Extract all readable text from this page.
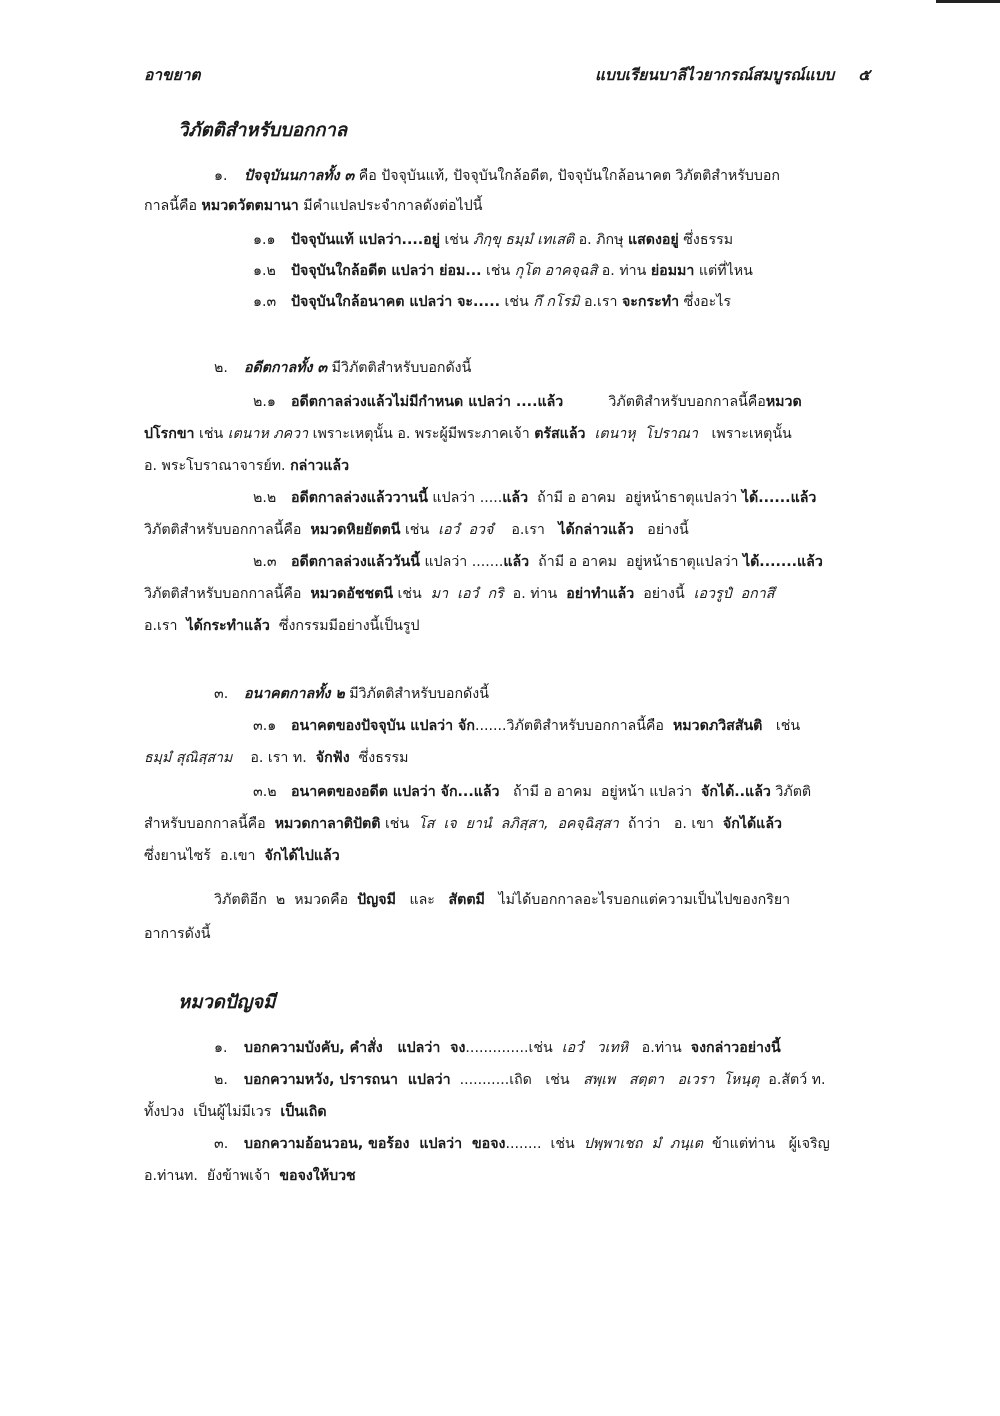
อาขยาต	แบบเรียนบาลีไวยากรณ์สมบูรณ์แบบ ๕
วิภัตติสำหรับบอกกาล
๑. ปัจจุบันนกาลทั้ง ๓ คือ ปัจจุบันแท้, ปัจจุบันใกล้อดีต, ปัจจุบันใกล้อนาคต วิภัตติสำหรับบอก
กาลนี้คือ หมวดวัตตมานา มีคำแปลประจำกาลดังต่อไปนี้
๑.๑ ปัจจุบันแท้ แปลว่า....อยู่ เช่น ภิกฺขุ ธมฺมํ เทเสติ อ. ภิกษุ แสดงอยู่ ซึ่งธรรม
๑.๒ ปัจจุบันใกล้อดีต แปลว่า ย่อม... เช่น กุโต อาคจฺฉสิ อ. ท่าน ย่อมมา แต่ที่ไหน
๑.๓ ปัจจุบันใกล้อนาคต แปลว่า จะ..... เช่น กึ กโรมิ อ.เรา จะกระทำ ซึ่งอะไร
๒. อดีตกาลทั้ง ๓ มีวิภัตติสำหรับบอกดังนี้
๒.๑ อดีตกาลล่วงแล้วไม่มีกำหนด แปลว่า ....แล้ว          วิภัตติสำหรับบอกกาลนี้คือหมวด
ปโรกขา เช่น เตนาห ภควา เพราะเหตุนั้น อ. พระผู้มีพระภาคเจ้า ตรัสแล้ว  เตนาหุ  โปราณา   เพราะเหตุนั้น
อ. พระโบราณาจารย์ท. กล่าวแล้ว
๒.๒ อดีตกาลล่วงแล้ววานนี้ แปลว่า .....แล้ว  ถ้ามี อ อาคม  อยู่หน้าธาตุแปลว่า ได้......แล้ว
วิภัตติสำหรับบอกกาลนี้คือ  หมวดหิยยัตตนี เช่น  เอวํ  อวจํ    อ.เรา   ได้กล่าวแล้ว   อย่างนี้
๒.๓ อดีตกาลล่วงแล้ววันนี้ แปลว่า .......แล้ว  ถ้ามี อ อาคม  อยู่หน้าธาตุแปลว่า ได้.......แล้ว
วิภัตติสำหรับบอกกาลนี้คือ  หมวดอัชชตนี เช่น  มา  เอวํ  กริ  อ. ท่าน  อย่าทำแล้ว  อย่างนี้  เอวรูปํ  อกาสึ
อ.เรา  ได้กระทำแล้ว  ซึ่งกรรมมีอย่างนี้เป็นรูป
๓. อนาคตกาลทั้ง ๒ มีวิภัตติสำหรับบอกดังนี้
๓.๑ อนาคตของปัจจุบัน แปลว่า จัก.......วิภัตติสำหรับบอกกาลนี้คือ  หมวดภวิสสันติ   เช่น
ธมฺมํ สุณิสฺสาม    อ. เรา ท.  จักฟัง  ซึ่งธรรม
๓.๒ อนาคตของอดีต แปลว่า จัก...แล้ว   ถ้ามี อ อาคม  อยู่หน้า แปลว่า  จักได้..แล้ว วิภัตติ
สำหรับบอกกาลนี้คือ  หมวดกาลาติปัตติ เช่น  โส  เจ  ยานํ  ลภิสฺสา,  อคจฺฉิสฺสา  ถ้าว่า   อ. เขา  จักได้แล้ว
ซึ่งยานไซร้  อ.เขา  จักได้ไปแล้ว
วิภัตติอีก  ๒  หมวดคือ  ปัญจมี   และ   สัตตมี   ไม่ได้บอกกาลอะไรบอกแต่ความเป็นไปของกริยา
อาการดังนี้
หมวดปัญจมี
๑. บอกความบังคับ, คำสั่ง   แปลว่า  จง..............เช่น  เอวํ   วเทหิ   อ.ท่าน  จงกล่าวอย่างนี้
๒. บอกความหวัง, ปรารถนา  แปลว่า  ...........เถิด   เช่น   สพฺเพ   สตฺตา   อเวรา  โหนฺตุ  อ.สัตว์ ท.
ทั้งปวง  เป็นผู้ไม่มีเวร  เป็นเถิด
๓. บอกความอ้อนวอน, ขอร้อง  แปลว่า  ขอจง........  เช่น  ปพฺพาเชถ  มํ  ภนฺเต  ข้าแต่ท่าน   ผู้เจริญ
อ.ท่านท.  ยังข้าพเจ้า  ขอจงให้บวช
